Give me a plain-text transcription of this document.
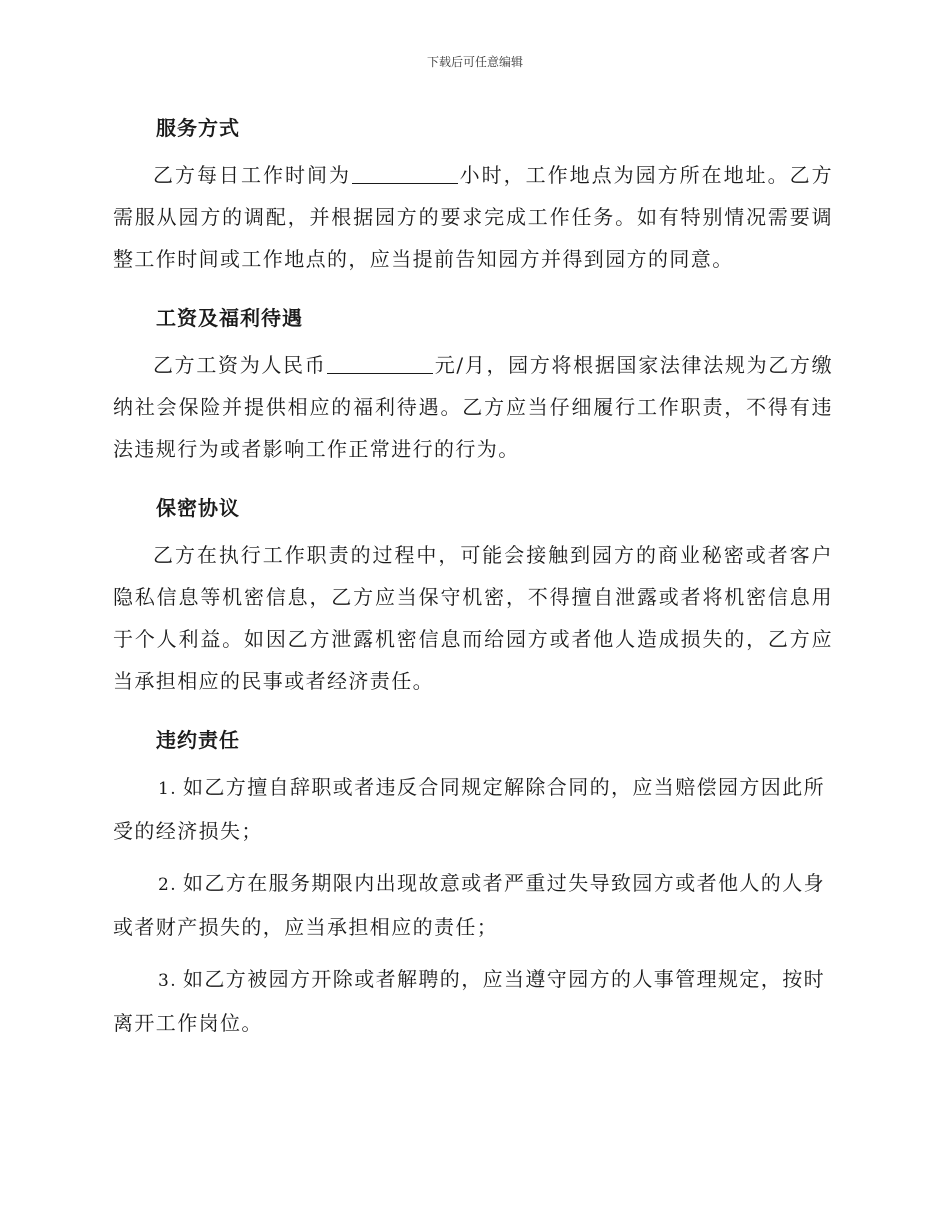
下载后可任意编辑
服务方式
乙方每日工作时间为	小时，工作地点为园方所在地址。乙方需服从园方的调配，并根据园方的要求完成工作任务。如有特别情况需要调整工作时间或工作地点的，应当提前告知园方并得到园方的同意。
工资及福利待遇
乙方工资为人民币	元/月，园方将根据国家法律法规为乙方缴纳社会保险并提供相应的福利待遇。乙方应当仔细履行工作职责，不得有违法违规行为或者影响工作正常进行的行为。
保密协议
乙方在执行工作职责的过程中，可能会接触到园方的商业秘密或者客户隐私信息等机密信息，乙方应当保守机密，不得擅自泄露或者将机密信息用于个人利益。如因乙方泄露机密信息而给园方或者他人造成损失的，乙方应当承担相应的民事或者经济责任。
违约责任
1. 如乙方擅自辞职或者违反合同规定解除合同的，应当赔偿园方因此所受的经济损失；
2. 如乙方在服务期限内出现故意或者严重过失导致园方或者他人的人身或者财产损失的，应当承担相应的责任；
3. 如乙方被园方开除或者解聘的，应当遵守园方的人事管理规定，按时离开工作岗位。
